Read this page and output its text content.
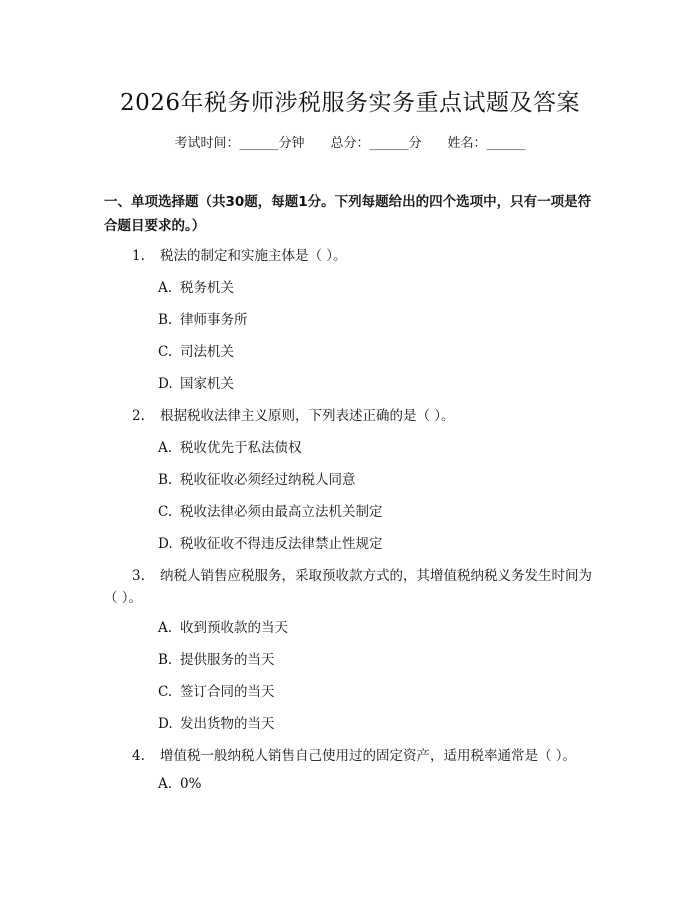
2026年税务师涉税服务实务重点试题及答案
考试时间：______分钟 总分：______分 姓名：______
一、单项选择题（共30题，每题1分。下列每题给出的四个选项中，只有一项是符合题目要求的。）
1. 税法的制定和实施主体是（ ）。
A. 税务机关
B. 律师事务所
C. 司法机关
D. 国家机关
2. 根据税收法律主义原则，下列表述正确的是（ ）。
A. 税收优先于私法债权
B. 税收征收必须经过纳税人同意
C. 税收法律必须由最高立法机关制定
D. 税收征收不得违反法律禁止性规定
3. 纳税人销售应税服务，采取预收款方式的，其增值税纳税义务发生时间为
（ ）。
A. 收到预收款的当天
B. 提供服务的当天
C. 签订合同的当天
D. 发出货物的当天
4. 增值税一般纳税人销售自己使用过的固定资产，适用税率通常是（ ）。
A. 0%
